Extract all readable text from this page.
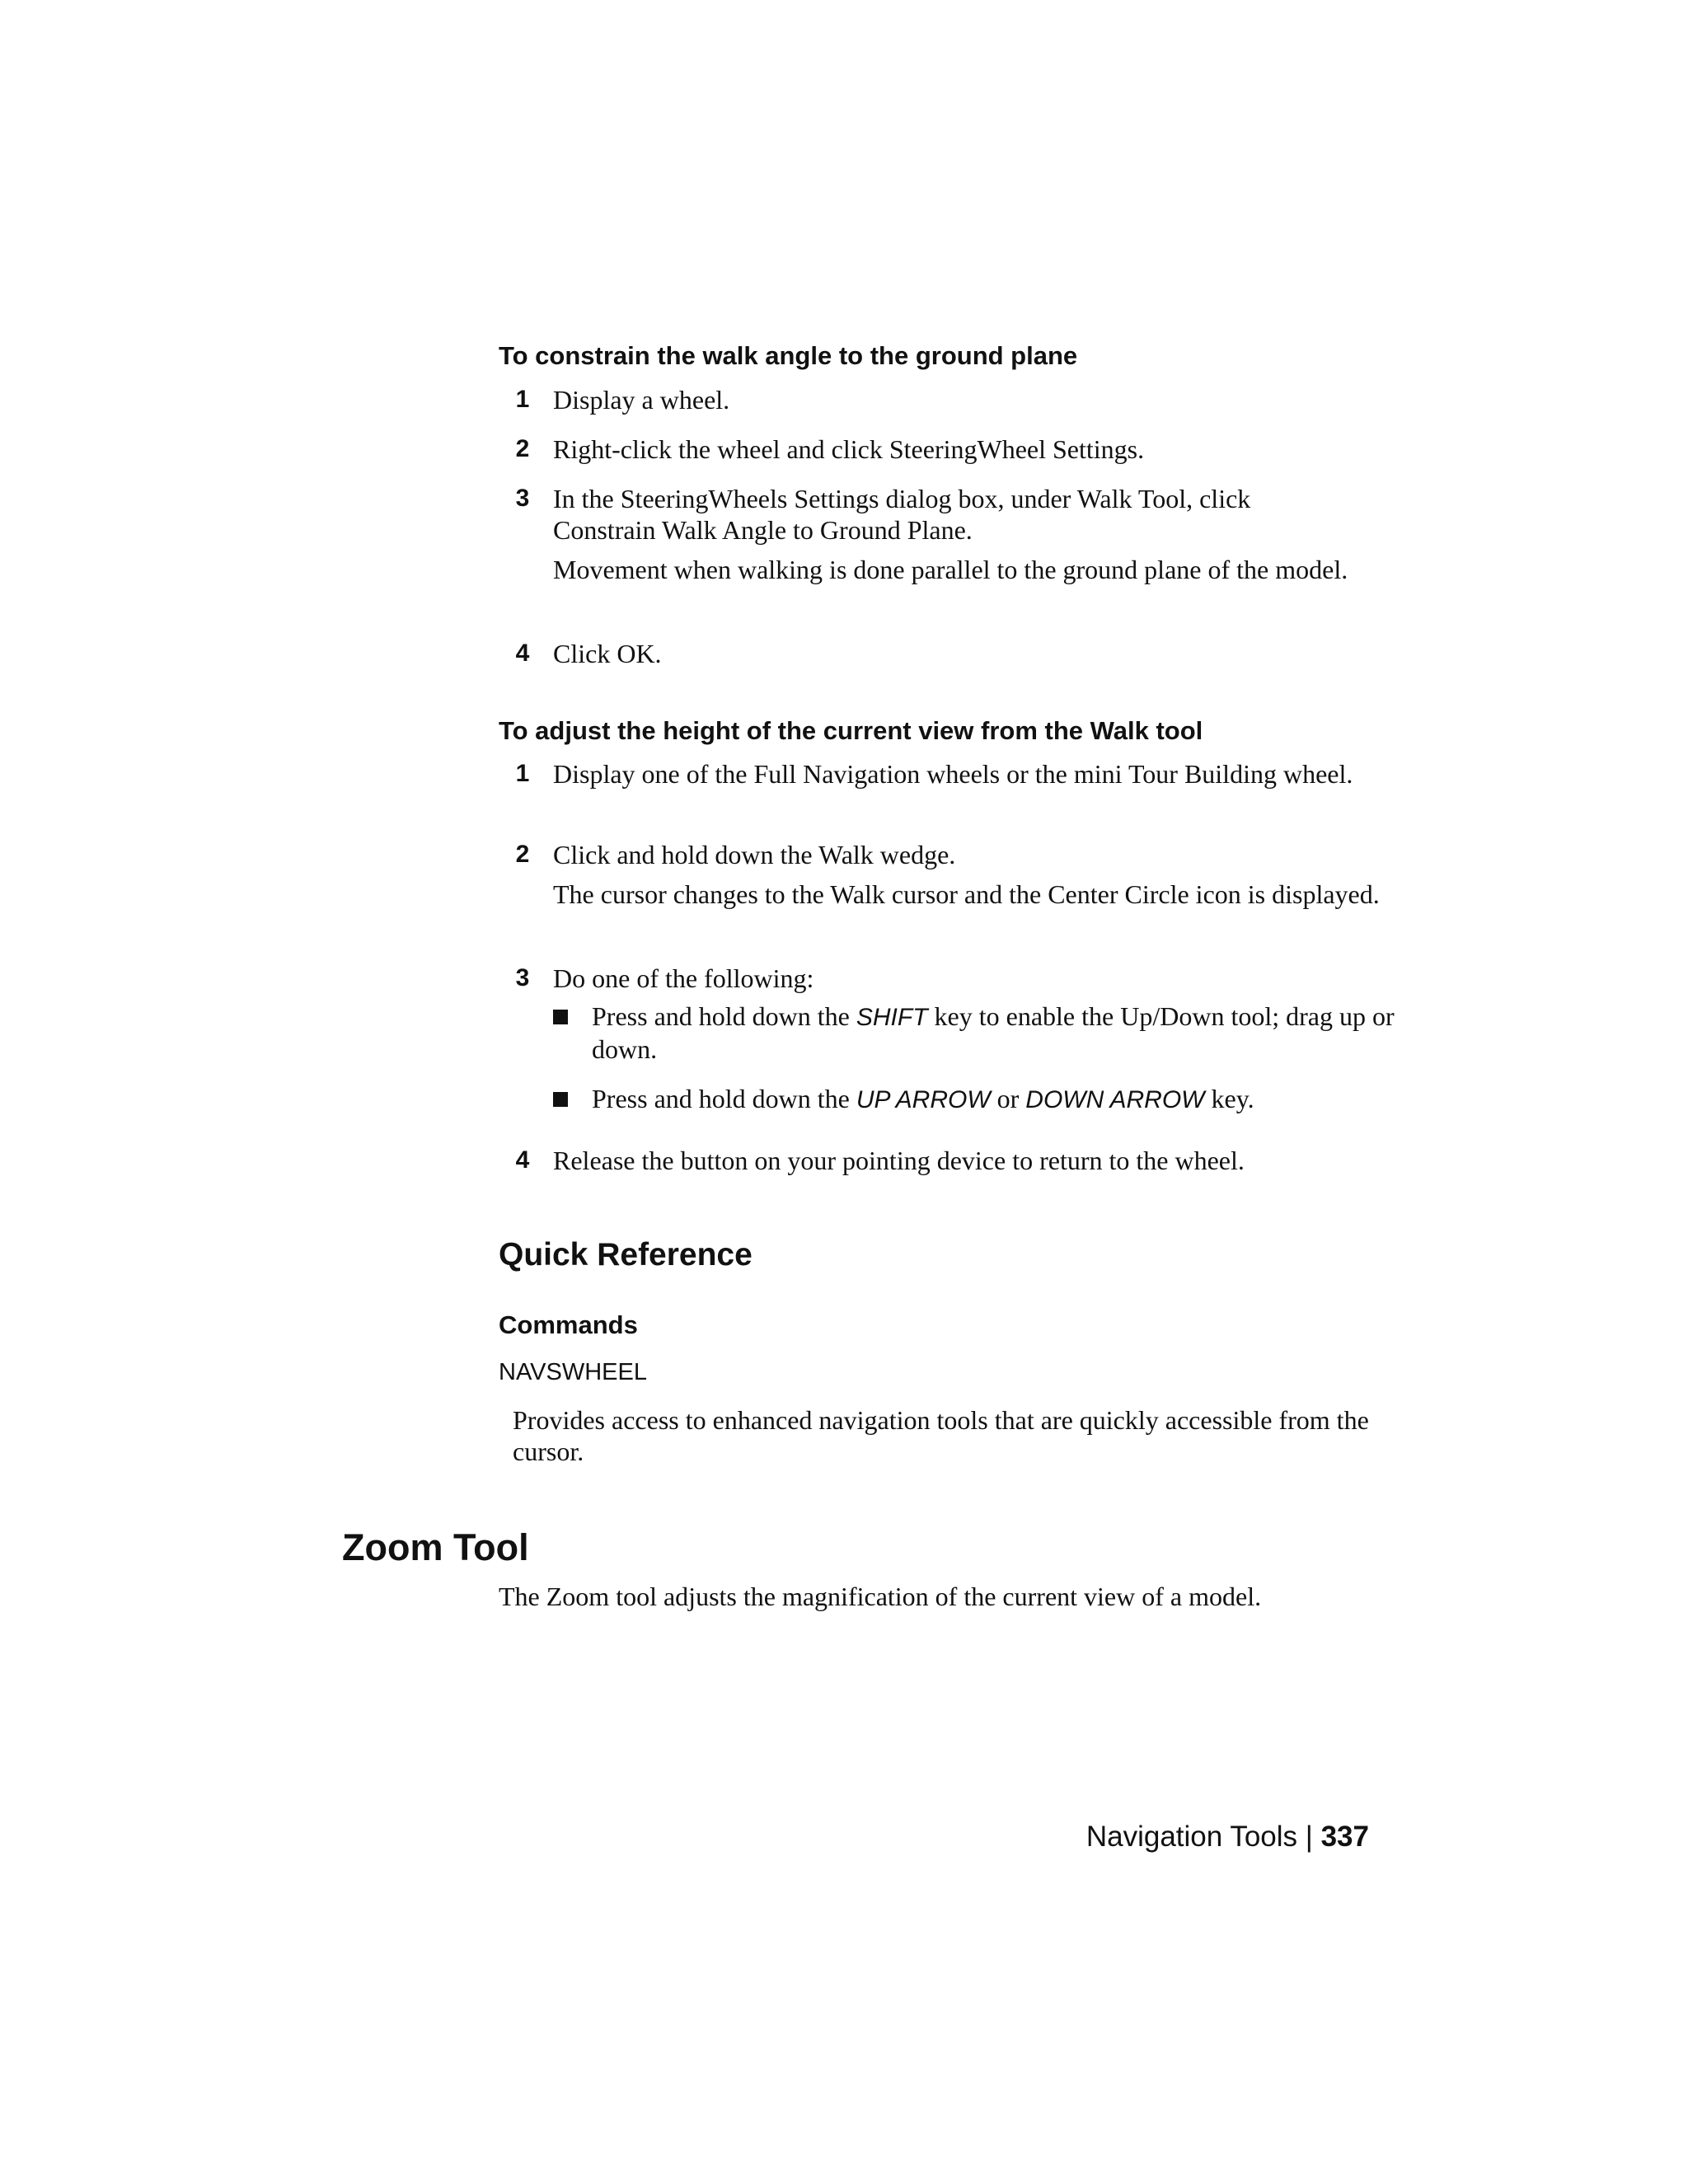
To constrain the walk angle to the ground plane
1 Display a wheel.
2 Right-click the wheel and click SteeringWheel Settings.
3 In the SteeringWheels Settings dialog box, under Walk Tool, click Constrain Walk Angle to Ground Plane.
Movement when walking is done parallel to the ground plane of the model.
4 Click OK.
To adjust the height of the current view from the Walk tool
1 Display one of the Full Navigation wheels or the mini Tour Building wheel.
2 Click and hold down the Walk wedge.
The cursor changes to the Walk cursor and the Center Circle icon is displayed.
3 Do one of the following:
Press and hold down the SHIFT key to enable the Up/Down tool; drag up or down.
Press and hold down the UP ARROW or DOWN ARROW key.
4 Release the button on your pointing device to return to the wheel.
Quick Reference
Commands
NAVSWHEEL
Provides access to enhanced navigation tools that are quickly accessible from the cursor.
Zoom Tool
The Zoom tool adjusts the magnification of the current view of a model.
Navigation Tools | 337
